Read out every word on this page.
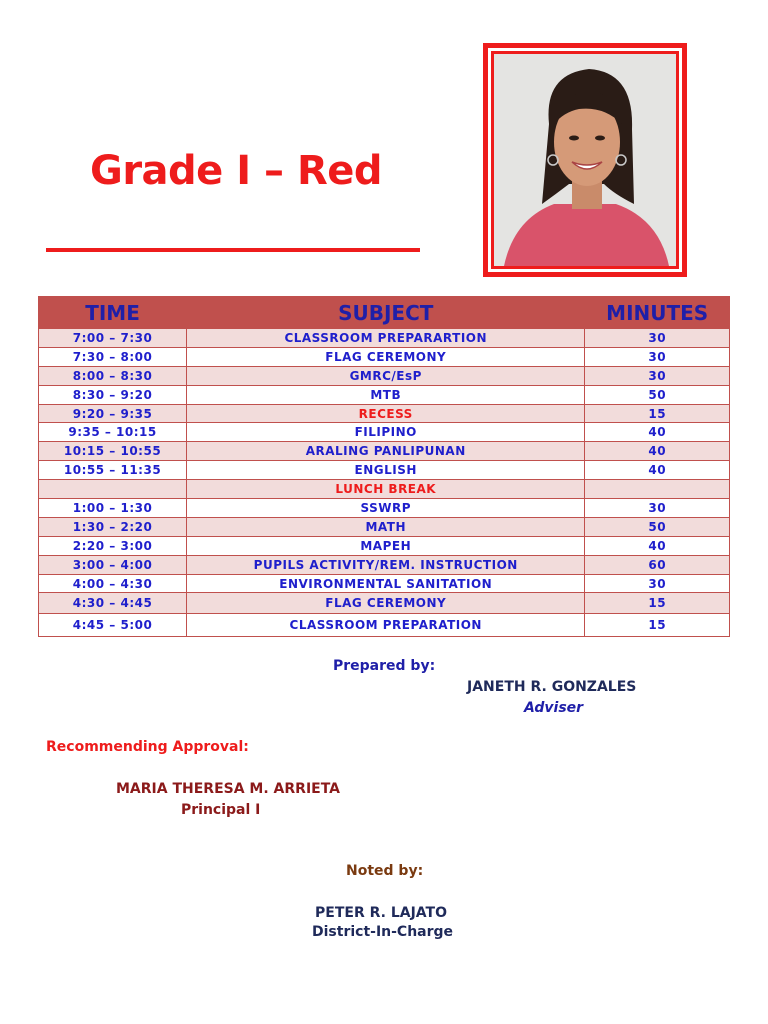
Grade I – Red
TIME	SUBJECT	MINUTES
7:00 – 7:30	CLASSROOM PREPARARTION	30
7:30 – 8:00	FLAG CEREMONY	30
8:00 – 8:30	GMRC/EsP	30
8:30 – 9:20	MTB	50
9:20 – 9:35	RECESS	15
9:35 – 10:15	FILIPINO	40
10:15 – 10:55	ARALING PANLIPUNAN	40
10:55 – 11:35	ENGLISH	40
	LUNCH BREAK	
1:00 – 1:30	SSWRP	30
1:30 – 2:20	MATH	50
2:20 – 3:00	MAPEH	40
3:00 – 4:00	PUPILS ACTIVITY/REM. INSTRUCTION	60
4:00 – 4:30	ENVIRONMENTAL SANITATION	30
4:30 – 4:45	FLAG CEREMONY	15
4:45 – 5:00	CLASSROOM PREPARATION	15
Prepared by:
JANETH R. GONZALES
Adviser
Recommending Approval:
MARIA THERESA M. ARRIETA
Principal I
Noted by:
PETER R. LAJATO
District-In-Charge
